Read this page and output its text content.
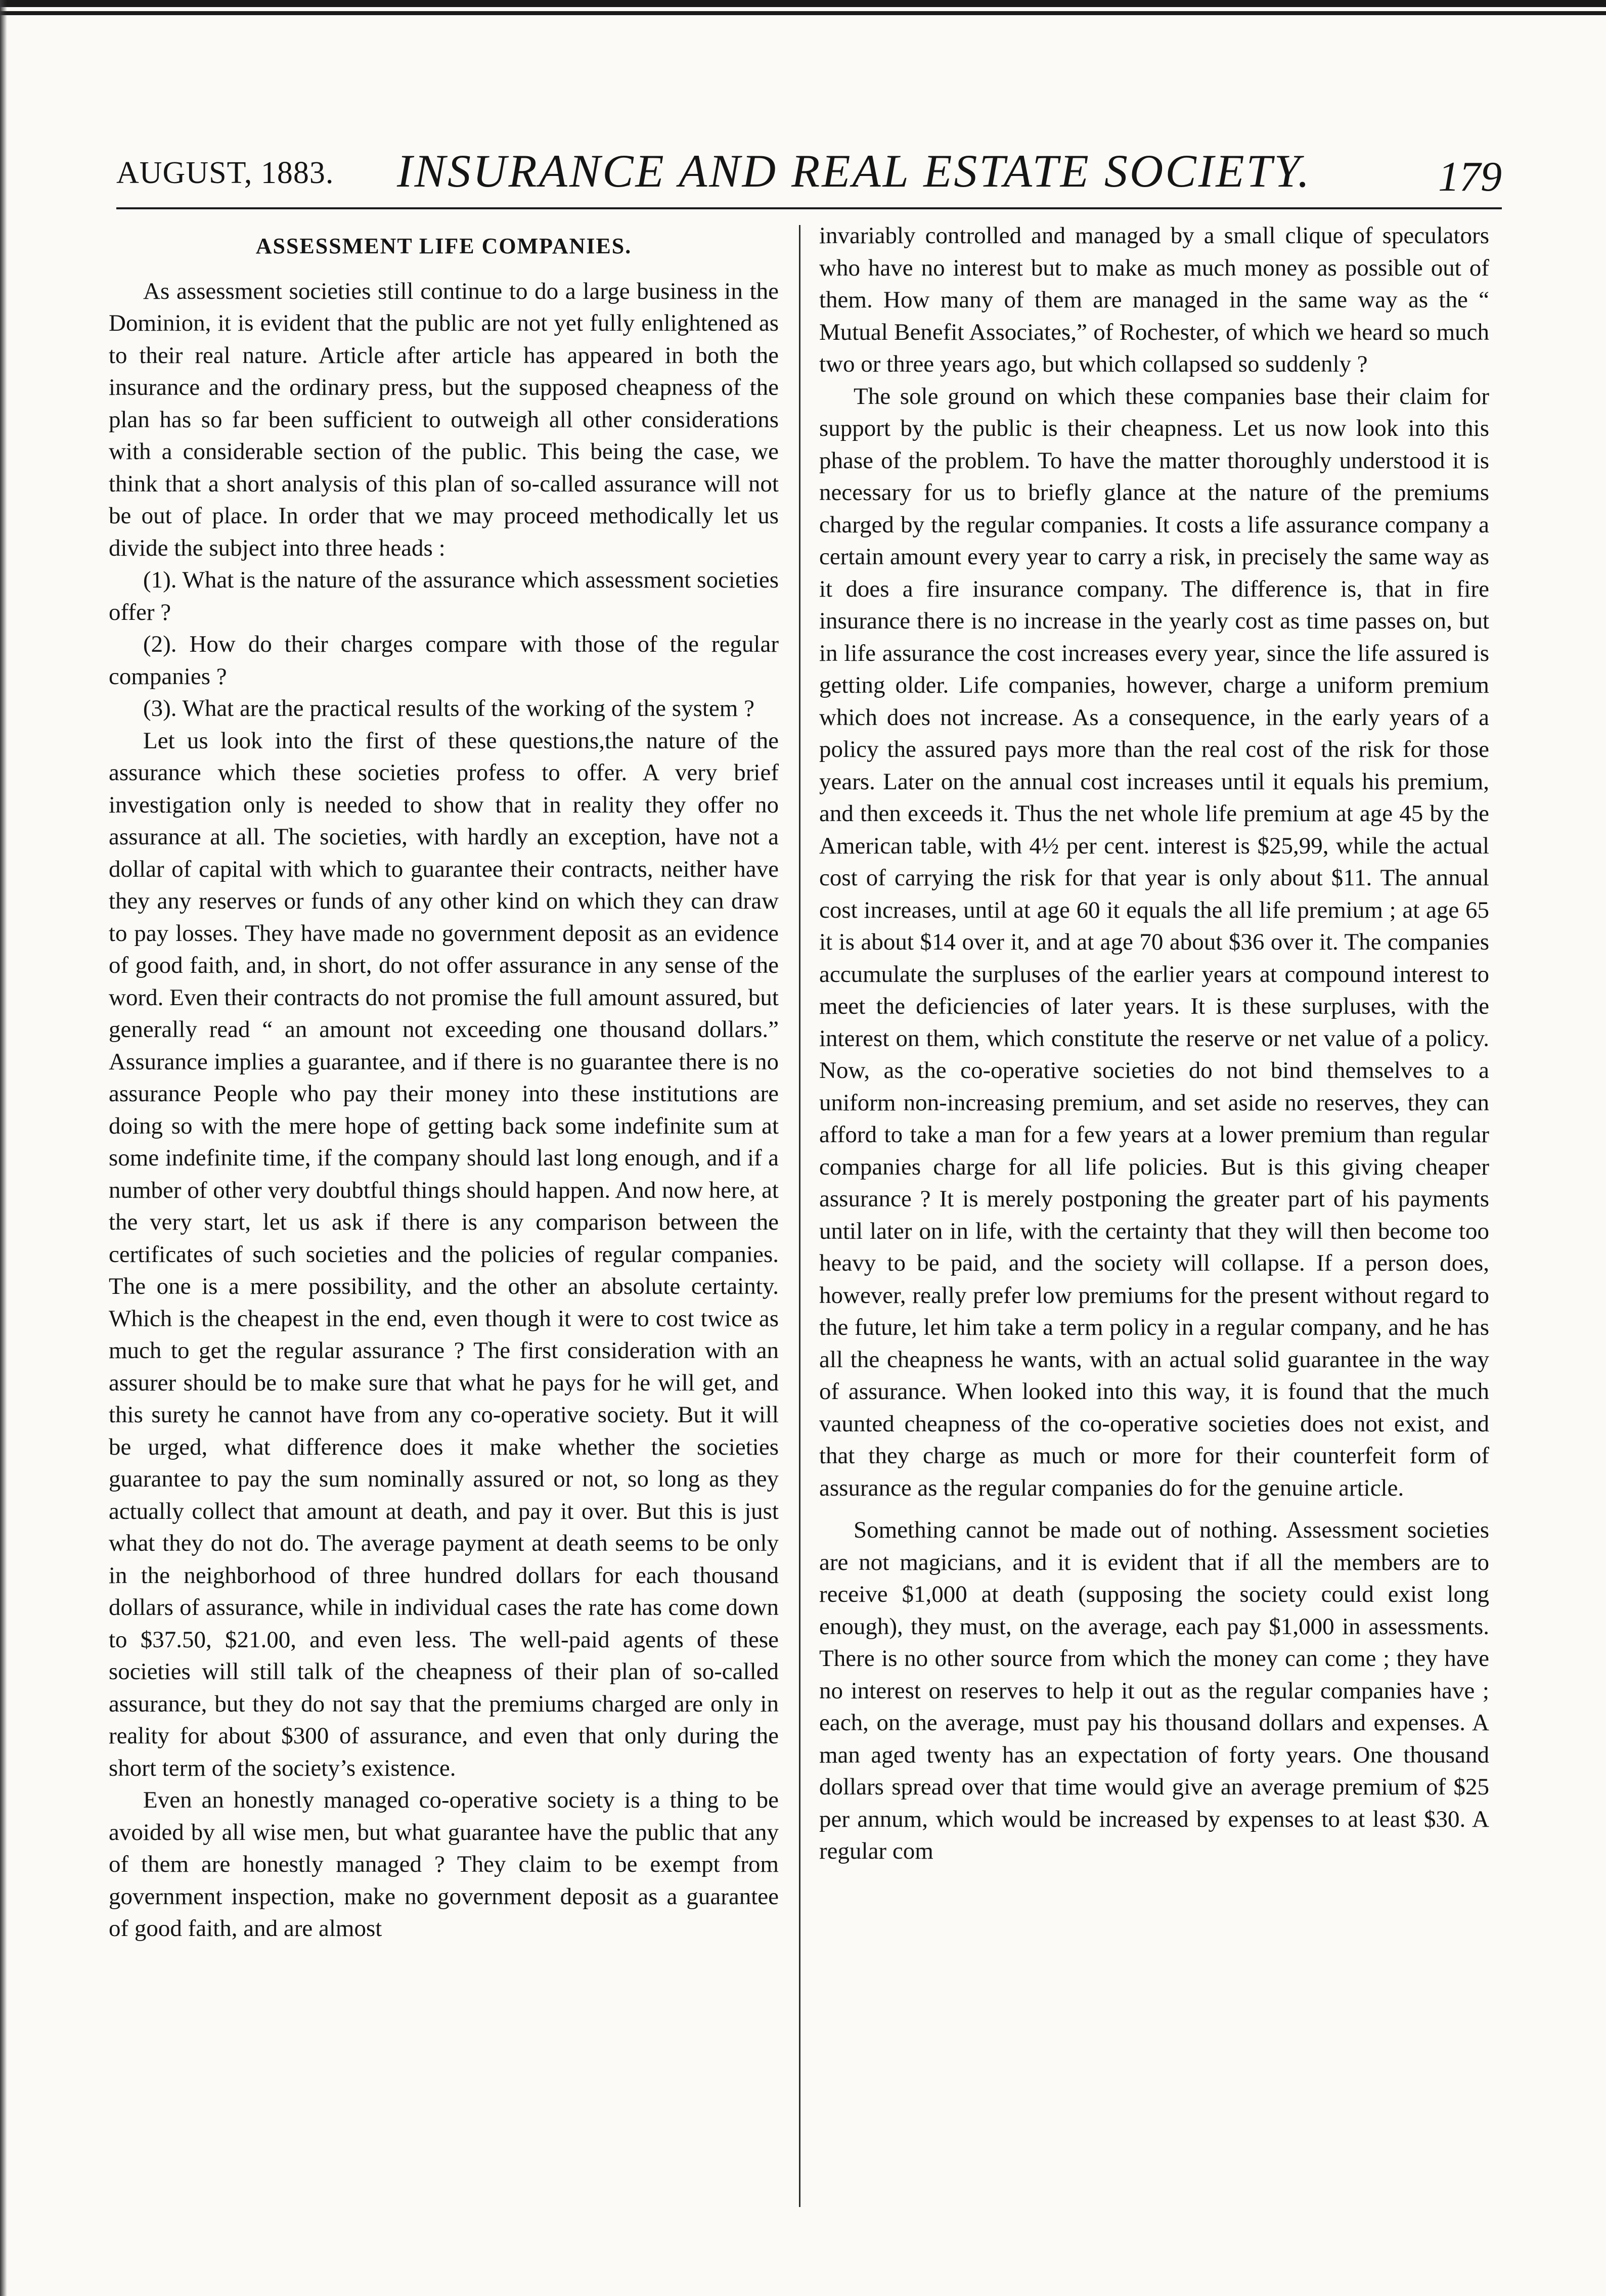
AUGUST, 1883. INSURANCE AND REAL ESTATE SOCIETY.	179
ASSESSMENT LIFE COMPANIES.

As assessment societies still continue to do a large business in the Dominion, it is evident that the public are not yet fully enlightened as to their real nature. Article after article has appeared in both the insurance and the ordinary press, but the supposed cheapness of the plan has so far been sufficient to outweigh all other considerations with a considerable section of the public. This being the case, we think that a short analysis of this plan of so-called assurance will not be out of place. In order that we may proceed methodically let us divide the subject into three heads :

(1). What is the nature of the assurance which assessment societies offer ?

(2). How do their charges compare with those of the regular companies ?

(3). What are the practical results of the working of the system ?

Let us look into the first of these questions,the nature of the assurance which these societies profess to offer. A very brief investigation only is needed to show that in reality they offer no assurance at all. The societies, with hardly an exception, have not a dollar of capital with which to guarantee their contracts, neither have they any reserves or funds of any other kind on which they can draw to pay losses. They have made no government deposit as an evidence of good faith, and, in short, do not offer assurance in any sense of the word. Even their contracts do not promise the full amount assured, but generally read “ an amount not exceeding one thousand dollars.” Assurance implies a guarantee, and if there is no guarantee there is no assurance People who pay their money into these institutions are doing so with the mere hope of getting back some indefinite sum at some indefinite time, if the company should last long enough, and if a number of other very doubtful things should happen. And now here, at the very start, let us ask if there is any comparison between the certificates of such societies and the policies of regular companies. The one is a mere possibility, and the other an absolute certainty. Which is the cheapest in the end, even though it were to cost twice as much to get the regular assurance ? The first consideration with an assurer should be to make sure that what he pays for he will get, and this surety he cannot have from any co-operative society. But it will be urged, what difference does it make whether the societies guarantee to pay the sum nominally assured or not, so long as they actually collect that amount at death, and pay it over. But this is just what they do not do. The average payment at death seems to be only in the neighborhood of three hundred dollars for each thousand dollars of assurance, while in individual cases the rate has come down to $37.50, $21.00, and even less. The well-paid agents of these societies will still talk of the cheapness of their plan of so-called assurance, but they do not say that the premiums charged are only in reality for about $300 of assurance, and even that only during the short term of the society’s existence.

Even an honestly managed co-operative society is a thing to be avoided by all wise men, but what guarantee have the public that any of them are honestly managed ? They claim to be exempt from government inspection, make no government deposit as a guarantee of good faith, and are almost

invariably controlled and managed by a small clique of speculators who have no interest but to make as much money as possible out of them. How many of them are managed in the same way as the “ Mutual Benefit Associates,” of Rochester, of which we heard so much two or three years ago, but which collapsed so suddenly ?

The sole ground on which these companies base their claim for support by the public is their cheapness. Let us now look into this phase of the problem. To have the matter thoroughly understood it is necessary for us to briefly glance at the nature of the premiums charged by the regular companies. It costs a life assurance company a certain amount every year to carry a risk, in precisely the same way as it does a fire insurance company. The difference is, that in fire insurance there is no increase in the yearly cost as time passes on, but in life assurance the cost increases every year, since the life assured is getting older. Life companies, however, charge a uniform premium which does not increase. As a consequence, in the early years of a policy the assured pays more than the real cost of the risk for those years. Later on the annual cost increases until it equals his premium, and then exceeds it. Thus the net whole life premium at age 45 by the American table, with 4½ per cent. interest is $25,99, while the actual cost of carrying the risk for that year is only about $11. The annual cost increases, until at age 60 it equals the all life premium ; at age 65 it is about $14 over it, and at age 70 about $36 over it. The companies accumulate the surpluses of the earlier years at compound interest to meet the deficiencies of later years. It is these surpluses, with the interest on them, which constitute the reserve or net value of a policy. Now, as the co-operative societies do not bind themselves to a uniform non-increasing premium, and set aside no reserves, they can afford to take a man for a few years at a lower premium than regular companies charge for all life policies. But is this giving cheaper assurance ? It is merely postponing the greater part of his payments until later on in life, with the certainty that they will then become too heavy to be paid, and the society will collapse. If a person does, however, really prefer low premiums for the present without regard to the future, let him take a term policy in a regular company, and he has all the cheapness he wants, with an actual solid guarantee in the way of assurance. When looked into this way, it is found that the much vaunted cheapness of the co-operative societies does not exist, and that they charge as much or more for their counterfeit form of assurance as the regular companies do for the genuine article.

Something cannot be made out of nothing. Assessment societies are not magicians, and it is evident that if all the members are to receive $1,000 at death (supposing the society could exist long enough), they must, on the average, each pay $1,000 in assessments. There is no other source from which the money can come ; they have no interest on reserves to help it out as the regular companies have ; each, on the average, must pay his thousand dollars and expenses. A man aged twenty has an expectation of forty years. One thousand dollars spread over that time would give an average premium of $25 per annum, which would be increased by expenses to at least $30. A regular com
